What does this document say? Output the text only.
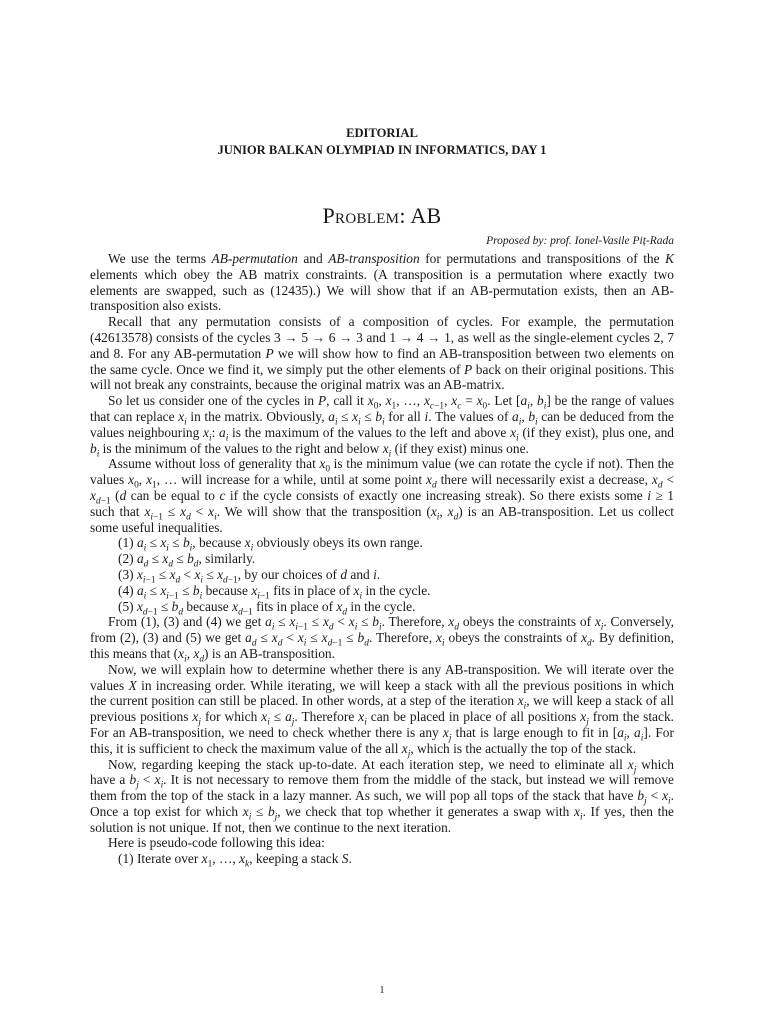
EDITORIAL
JUNIOR BALKAN OLYMPIAD IN INFORMATICS, DAY 1
Problem: AB
Proposed by: prof. Ionel-Vasile Piț-Rada

We use the terms AB-permutation and AB-transposition for permutations and transpositions of the K elements which obey the AB matrix constraints. (A transposition is a permutation where exactly two elements are swapped, such as (12435).) We will show that if an AB-permutation exists, then an AB-transposition also exists.

Recall that any permutation consists of a composition of cycles. For example, the permutation (42613578) consists of the cycles 3 → 5 → 6 → 3 and 1 → 4 → 1, as well as the single-element cycles 2, 7 and 8. For any AB-permutation P we will show how to find an AB-transposition between two elements on the same cycle. Once we find it, we simply put the other elements of P back on their original positions. This will not break any constraints, because the original matrix was an AB-matrix.

So let us consider one of the cycles in P, call it $x_0$, $x_1$, …, $x_{c-1}$, $x_c = x_0$. Let [$a_i$, $b_i$] be the range of values that can replace $x_i$ in the matrix. Obviously, $a_i \le x_i \le b_i$ for all i. The values of $a_i$, $b_i$ can be deduced from the values neighbouring $x_i$: $a_i$ is the maximum of the values to the left and above $x_i$ (if they exist), plus one, and $b_i$ is the minimum of the values to the right and below $x_i$ (if they exist) minus one.

Assume without loss of generality that $x_0$ is the minimum value (we can rotate the cycle if not). Then the values $x_0$, $x_1$, … will increase for a while, until at some point $x_d$ there will necessarily exist a decrease, $x_d < x_{d-1}$ (d can be equal to c if the cycle consists of exactly one increasing streak). So there exists some i ≥ 1 such that $x_{i-1} \le x_d < x_i$. We will show that the transposition ($x_i$, $x_d$) is an AB-transposition. Let us collect some useful inequalities.

(1) $a_i \le x_i \le b_i$, because $x_i$ obviously obeys its own range.
(2) $a_d \le x_d \le b_d$, similarly.
(3) $x_{i-1} \le x_d < x_i \le x_{d-1}$, by our choices of d and i.
(4) $a_i \le x_{i-1} \le b_i$ because $x_{i-1}$ fits in place of $x_i$ in the cycle.
(5) $x_{d-1} \le b_d$ because $x_{d-1}$ fits in place of $x_d$ in the cycle.

From (1), (3) and (4) we get $a_i \le x_{i-1} \le x_d < x_i \le b_i$. Therefore, $x_d$ obeys the constraints of $x_i$. Conversely, from (2), (3) and (5) we get $a_d \le x_d < x_i \le x_{d-1} \le b_d$. Therefore, $x_i$ obeys the constraints of $x_d$. By definition, this means that ($x_i$, $x_d$) is an AB-transposition.

Now, we will explain how to determine whether there is any AB-transposition. We will iterate over the values X in increasing order. While iterating, we will keep a stack with all the previous positions in which the current position can still be placed. In other words, at a step of the iteration $x_i$, we will keep a stack of all previous positions $x_j$ for which $x_i \le a_j$. Therefore $x_i$ can be placed in place of all positions $x_j$ from the stack. For an AB-transposition, we need to check whether there is any $x_j$ that is large enough to fit in [$a_i$, $a_i$]. For this, it is sufficient to check the maximum value of the all $x_j$, which is the actually the top of the stack.

Now, regarding keeping the stack up-to-date. At each iteration step, we need to eliminate all $x_j$ which have a $b_j < x_i$. It is not necessary to remove them from the middle of the stack, but instead we will remove them from the top of the stack in a lazy manner. As such, we will pop all tops of the stack that have $b_j < x_i$. Once a top exist for which $x_i \le b_j$, we check that top whether it generates a swap with $x_i$. If yes, then the solution is not unique. If not, then we continue to the next iteration.

Here is pseudo-code following this idea:

(1) Iterate over $x_1$, …, $x_k$, keeping a stack S.
1
